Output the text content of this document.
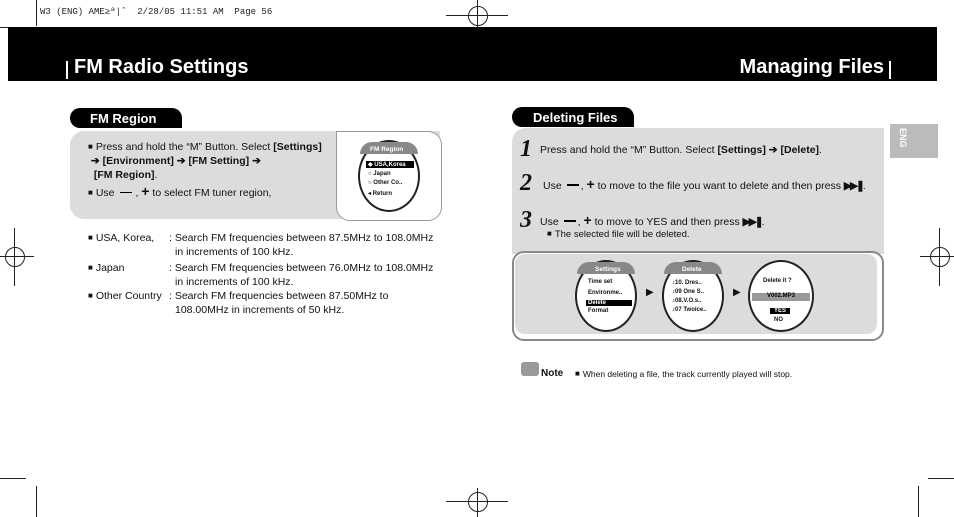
W3 (ENG) AME≥ª|ˆ  2/28/05 11:51 AM  Page 56
FM Radio Settings	Managing Files
ENG
FM Region
■ Press and hold the “M” Button. Select [Settings]
➔ [Environment] ➔ [FM Setting] ➔
[FM Region].
■ Use , + to select FM tuner region,
FM Region
◆ USA,Korea
○ Japan
○ Other Co..
◂ Return
■ USA, Korea, : Search FM frequencies between 87.5MHz to 108.0MHz
in increments of 100 kHz.
■ Japan	: Search FM frequencies between 76.0MHz to 108.0MHz
in increments of 100 kHz.
■ Other Country : Search FM frequencies between 87.50MHz to
108.00MHz in increments of 50 kHz.
Deleting Files
1 Press and hold the “M” Button. Select [Settings] ➔ [Delete].
2 Use , + to move to the file you want to delete and then press ▶▶❚.
3 Use , + to move to YES and then press ▶▶❚.
■ The selected file will be deleted.
Settings
Time set
Environme..
Delete
Format
▶
Delete
♪10. Dres..
♪09 One S..
♪08.V.O.s..
♪07 Twoice..
▶
Delete it ?
V002.MP3
YES
NO
Note
■	When deleting a file, the track currently played will stop.
